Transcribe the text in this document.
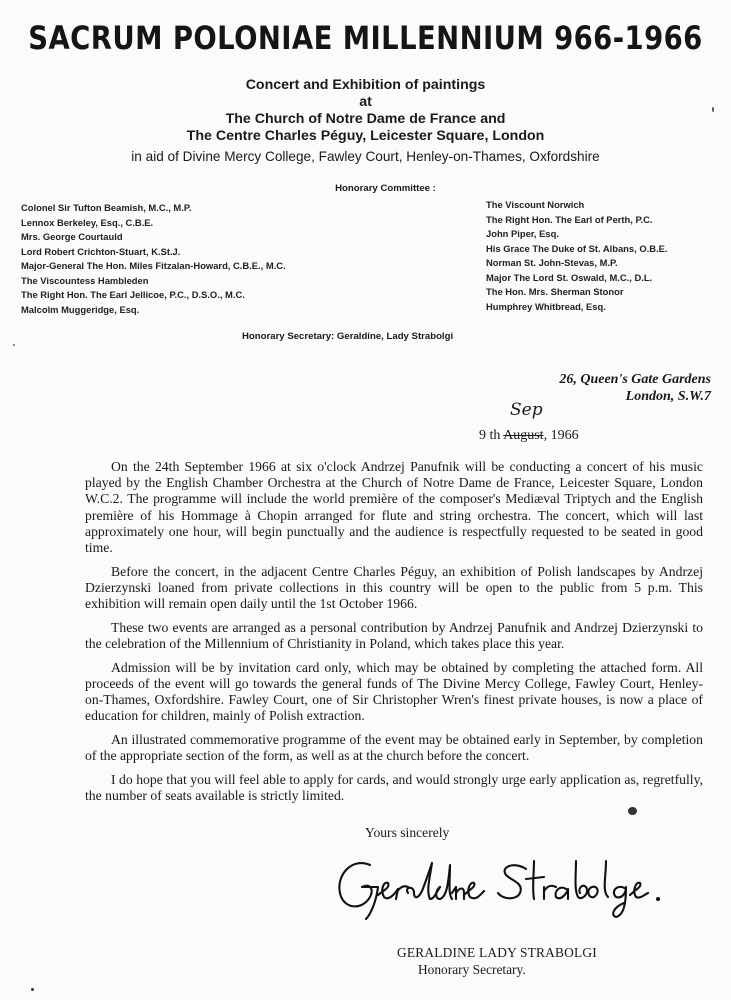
SACRUM POLONIAE MILLENNIUM 966-1966
Concert and Exhibition of paintings
at
The Church of Notre Dame de France and
The Centre Charles Péguy, Leicester Square, London
in aid of Divine Mercy College, Fawley Court, Henley-on-Thames, Oxfordshire
Honorary Committee :
Colonel Sir Tufton Beamish, M.C., M.P.
Lennox Berkeley, Esq., C.B.E.
Mrs. George Courtauld
Lord Robert Crichton-Stuart, K.St.J.
Major-General The Hon. Miles Fitzalan-Howard, C.B.E., M.C.
The Viscountess Hambleden
The Right Hon. The Earl Jellicoe, P.C., D.S.O., M.C.
Malcolm Muggeridge, Esq.
The Viscount Norwich
The Right Hon. The Earl of Perth, P.C.
John Piper, Esq.
His Grace The Duke of St. Albans, O.B.E.
Norman St. John-Stevas, M.P.
Major The Lord St. Oswald, M.C., D.L.
The Hon. Mrs. Sherman Stonor
Humphrey Whitbread, Esq.
Honorary Secretary: Geraldine, Lady Strabolgi
26, Queen's Gate Gardens
London, S.W.7
Sep
9 th August, 1966

On the 24th September 1966 at six o'clock Andrzej Panufnik will be conducting a concert of his music played by the English Chamber Orchestra at the Church of Notre Dame de France, Leicester Square, London W.C.2. The programme will include the world première of the composer's Mediæval Triptych and the English première of his Hommage à Chopin arranged for flute and string orchestra. The concert, which will last approximately one hour, will begin punctually and the audience is respectfully requested to be seated in good time.

Before the concert, in the adjacent Centre Charles Péguy, an exhibition of Polish landscapes by Andrzej Dzierzynski loaned from private collections in this country will be open to the public from 5 p.m. This exhibition will remain open daily until the 1st October 1966.

These two events are arranged as a personal contribution by Andrzej Panufnik and Andrzej Dzierzynski to the celebration of the Millennium of Christianity in Poland, which takes place this year.

Admission will be by invitation card only, which may be obtained by completing the attached form. All proceeds of the event will go towards the general funds of The Divine Mercy College, Fawley Court, Henley-on-Thames, Oxfordshire. Fawley Court, one of Sir Christopher Wren's finest private houses, is now a place of education for children, mainly of Polish extraction.

An illustrated commemorative programme of the event may be obtained early in September, by completion of the appropriate section of the form, as well as at the church before the concert.

I do hope that you will feel able to apply for cards, and would strongly urge early application as, regretfully, the number of seats available is strictly limited.

Yours sincerely
GERALDINE LADY STRABOLGI
Honorary Secretary.
